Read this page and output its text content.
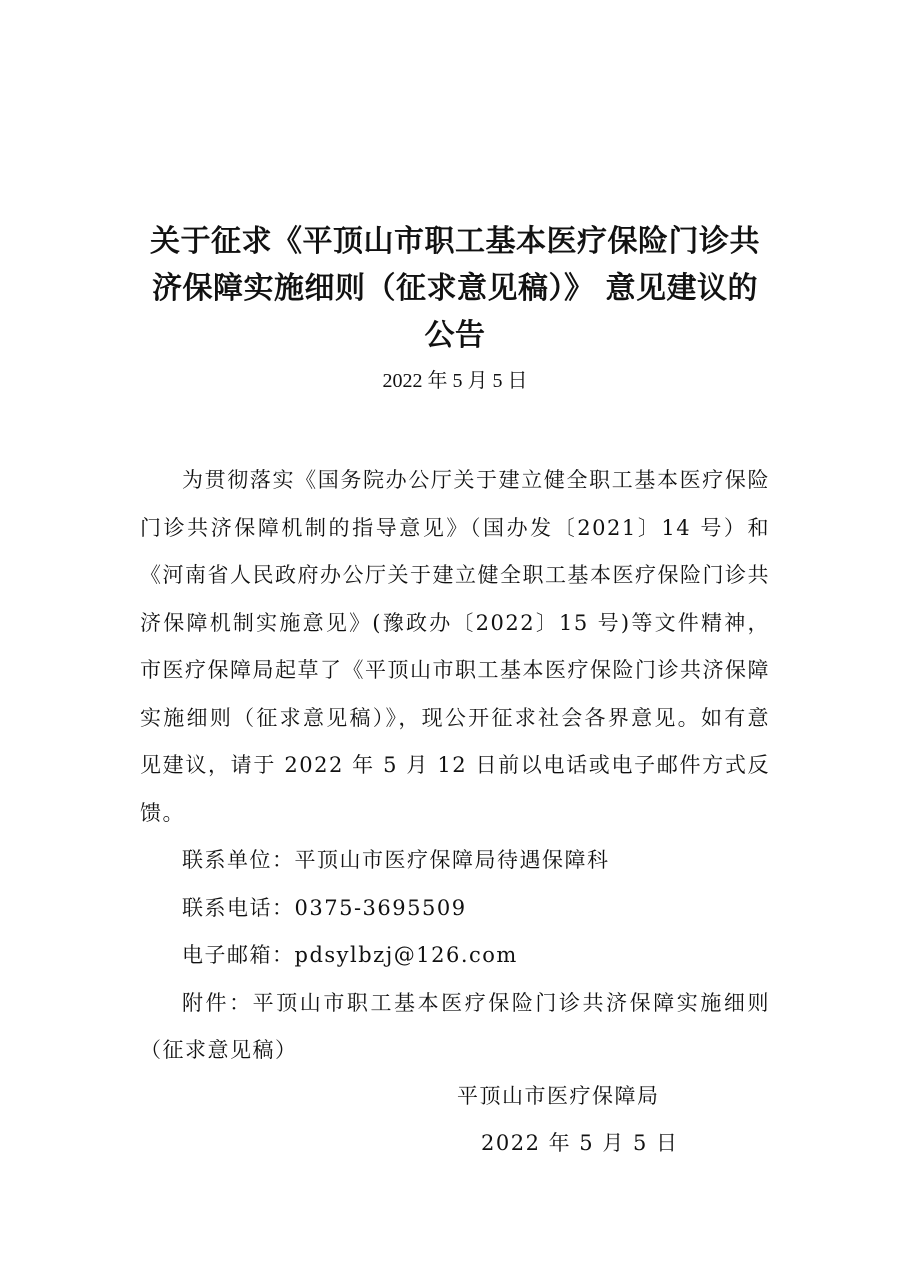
关于征求《平顶山市职工基本医疗保险门诊共济保障实施细则（征求意见稿）》 意见建议的公告
2022 年 5 月 5 日

为贯彻落实《国务院办公厅关于建立健全职工基本医疗保险门诊共济保障机制的指导意见》（国办发〔2021〕14 号）和《河南省人民政府办公厅关于建立健全职工基本医疗保险门诊共济保障机制实施意见》(豫政办〔2022〕15 号)等文件精神，市医疗保障局起草了《平顶山市职工基本医疗保险门诊共济保障实施细则（征求意见稿）》，现公开征求社会各界意见。如有意见建议，请于 2022 年 5 月 12 日前以电话或电子邮件方式反馈。

联系单位：平顶山市医疗保障局待遇保障科

联系电话：0375-3695509

电子邮箱：pdsylbzj@126.com

附件：平顶山市职工基本医疗保险门诊共济保障实施细则（征求意见稿）

平顶山市医疗保障局
2022 年 5 月 5 日
